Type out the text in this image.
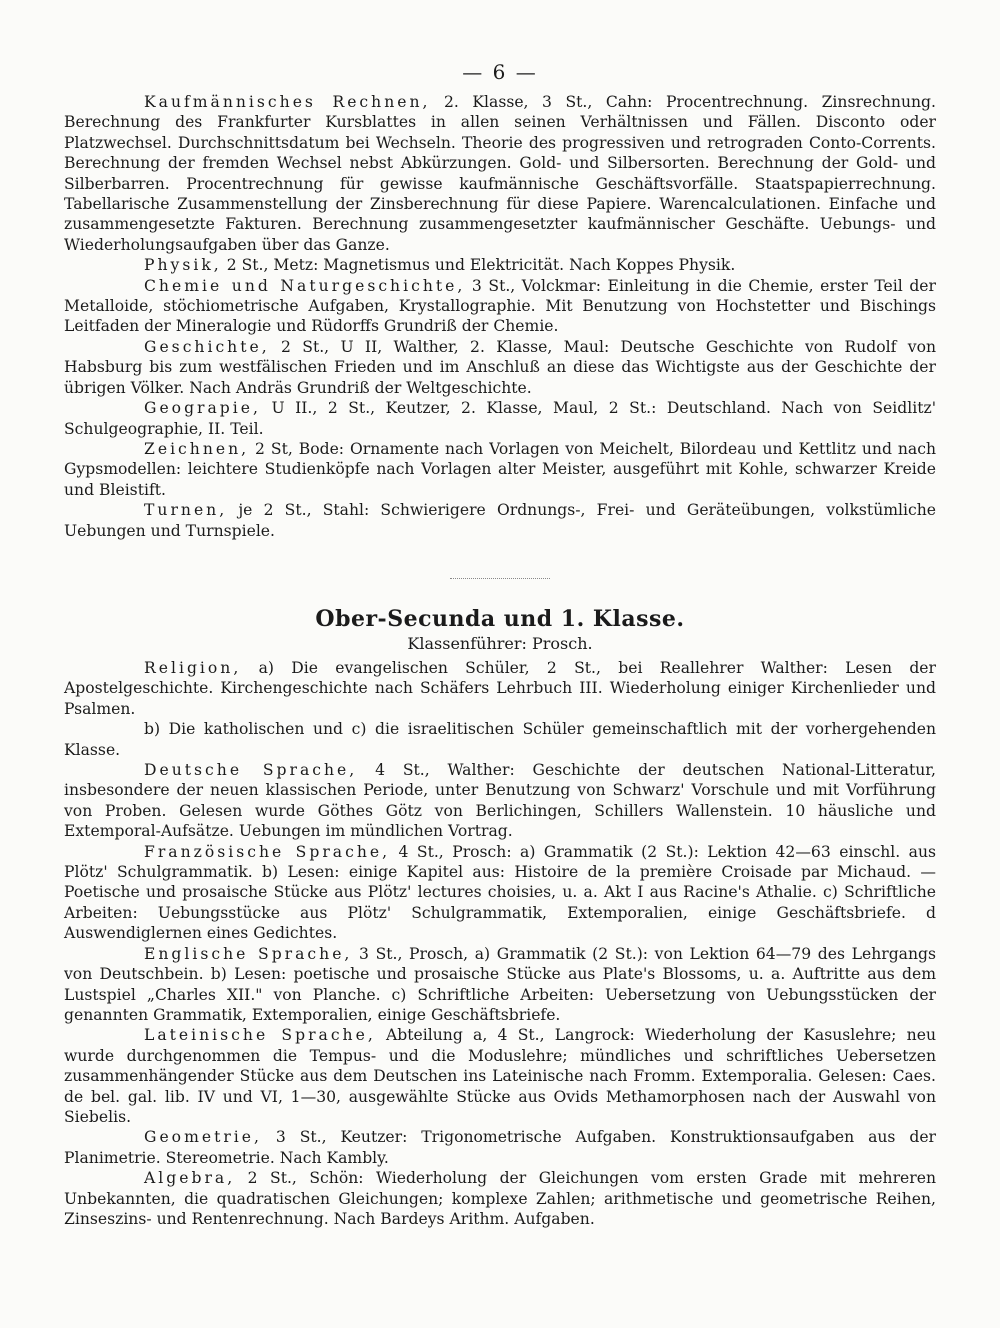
— 6 —

Kaufmännisches Rechnen, 2. Klasse, 3 St., Cahn: Procentrechnung. Zinsrechnung. Berechnung des Frankfurter Kursblattes in allen seinen Verhältnissen und Fällen. Disconto oder Platzwechsel. Durchschnittsdatum bei Wechseln. Theorie des progressiven und retrograden Conto-Corrents. Berechnung der fremden Wechsel nebst Abkürzungen. Gold- und Silbersorten. Berechnung der Gold- und Silberbarren. Procentrechnung für gewisse kaufmännische Geschäftsvorfälle. Staatspapierrechnung. Tabellarische Zusammenstellung der Zinsberechnung für diese Papiere. Warencalculationen. Einfache und zusammengesetzte Fakturen. Berechnung zusammengesetzter kaufmännischer Geschäfte. Uebungs- und Wiederholungsaufgaben über das Ganze.

Physik, 2 St., Metz: Magnetismus und Elektricität. Nach Koppes Physik.

Chemie und Naturgeschichte, 3 St., Volckmar: Einleitung in die Chemie, erster Teil der Metalloide, stöchiometrische Aufgaben, Krystallographie. Mit Benutzung von Hochstetter und Bischings Leitfaden der Mineralogie und Rüdorffs Grundriß der Chemie.

Geschichte, 2 St., U II, Walther, 2. Klasse, Maul: Deutsche Geschichte von Rudolf von Habsburg bis zum westfälischen Frieden und im Anschluß an diese das Wichtigste aus der Geschichte der übrigen Völker. Nach Andräs Grundriß der Weltgeschichte.

Geograpie, U II., 2 St., Keutzer, 2. Klasse, Maul, 2 St.: Deutschland. Nach von Seidlitz' Schulgeographie, II. Teil.

Zeichnen, 2 St, Bode: Ornamente nach Vorlagen von Meichelt, Bilordeau und Kettlitz und nach Gypsmodellen: leichtere Studienköpfe nach Vorlagen alter Meister, ausgeführt mit Kohle, schwarzer Kreide und Bleistift.

Turnen, je 2 St., Stahl: Schwierigere Ordnungs-, Frei- und Geräteübungen, volkstümliche Uebungen und Turnspiele.

Ober-Secunda und 1. Klasse.
Klassenführer: Prosch.

Religion, a) Die evangelischen Schüler, 2 St., bei Reallehrer Walther: Lesen der Apostelgeschichte. Kirchengeschichte nach Schäfers Lehrbuch III. Wiederholung einiger Kirchenlieder und Psalmen.

b) Die katholischen und c) die israelitischen Schüler gemeinschaftlich mit der vorhergehenden Klasse.

Deutsche Sprache, 4 St., Walther: Geschichte der deutschen National-Litteratur, insbesondere der neuen klassischen Periode, unter Benutzung von Schwarz' Vorschule und mit Vorführung von Proben. Gelesen wurde Göthes Götz von Berlichingen, Schillers Wallenstein. 10 häusliche und Extemporal-Aufsätze. Uebungen im mündlichen Vortrag.

Französische Sprache, 4 St., Prosch: a) Grammatik (2 St.): Lektion 42—63 einschl. aus Plötz' Schulgrammatik. b) Lesen: einige Kapitel aus: Histoire de la première Croisade par Michaud. — Poetische und prosaische Stücke aus Plötz' lectures choisies, u. a. Akt I aus Racine's Athalie. c) Schriftliche Arbeiten: Uebungsstücke aus Plötz' Schulgrammatik, Extemporalien, einige Geschäftsbriefe. d Auswendiglernen eines Gedichtes.

Englische Sprache, 3 St., Prosch, a) Grammatik (2 St.): von Lektion 64—79 des Lehrgangs von Deutschbein. b) Lesen: poetische und prosaische Stücke aus Plate's Blossoms, u. a. Auftritte aus dem Lustspiel „Charles XII." von Planche. c) Schriftliche Arbeiten: Uebersetzung von Uebungsstücken der genannten Grammatik, Extemporalien, einige Geschäftsbriefe.

Lateinische Sprache, Abteilung a, 4 St., Langrock: Wiederholung der Kasuslehre; neu wurde durchgenommen die Tempus- und die Moduslehre; mündliches und schriftliches Uebersetzen zusammenhängender Stücke aus dem Deutschen ins Lateinische nach Fromm. Extemporalia. Gelesen: Caes. de bel. gal. lib. IV und VI, 1—30, ausgewählte Stücke aus Ovids Methamorphosen nach der Auswahl von Siebelis.

Geometrie, 3 St., Keutzer: Trigonometrische Aufgaben. Konstruktionsaufgaben aus der Planimetrie. Stereometrie. Nach Kambly.

Algebra, 2 St., Schön: Wiederholung der Gleichungen vom ersten Grade mit mehreren Unbekannten, die quadratischen Gleichungen; komplexe Zahlen; arithmetische und geometrische Reihen, Zinseszins- und Rentenrechnung. Nach Bardeys Arithm. Aufgaben.
